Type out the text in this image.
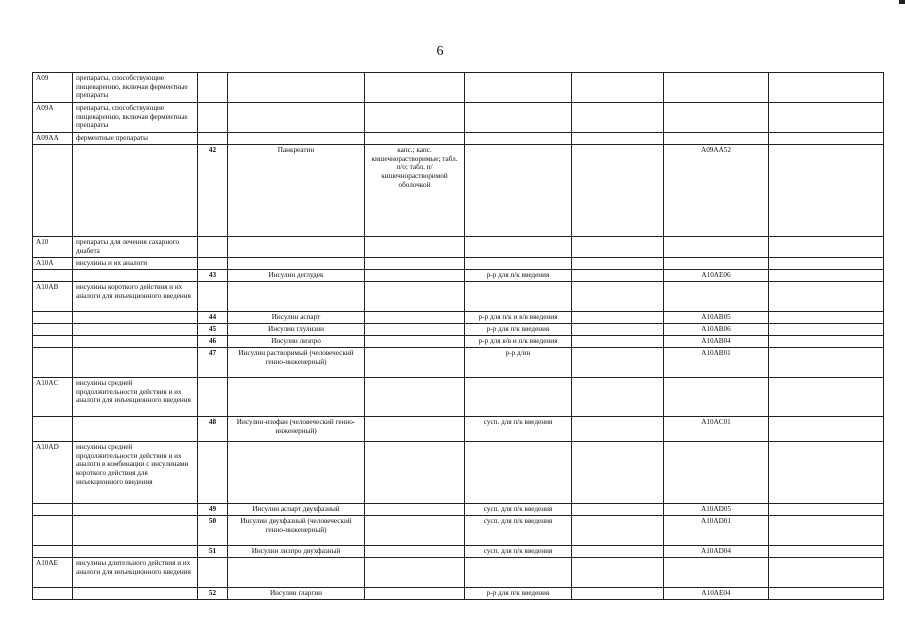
6
A09	препараты, способствующие пищеварению, включая ферментные препараты							
A09A	препараты, способствующие пищеварению, включая ферментные препараты							
A09AA	ферментные препараты							
		42	Панкреатин	капс.; капс. кишечнорастворимые; табл. п/о; табл. п/кишечнорастворимой оболочкой			A09AA52	
A10	препараты для лечения сахарного диабета							
A10A	инсулины и их аналоги							
		43	Инсулин деглудек		р-р для п/к введения		A10AE06	
A10AB	инсулины короткого действия и их аналоги для инъекционного введения							
		44	Инсулин аспарт		р-р для п/к и в/в введения		A10AB05	
		45	Инсулин глулизин		р-р для п/к введения		A10AB06	
		46	Инсулин лизпро		р-р для в/в и п/к введения		A10AB04	
		47	Инсулин растворимый (человеческий генно-инженерный)		р-р д/ин		A10AB01	
A10AC	инсулины средней продолжительности действия и их аналоги для инъекционного введения							
		48	Инсулин-изофан (человеческий генно-инженерный)		сусп. для п/к введения		A10AC01	
A10AD	инсулины средней продолжительности действия и их аналоги в комбинации с инсулинами короткого действия для инъекционного введения							
		49	Инсулин аспарт двухфазный		сусп. для п/к введения		A10AD05	
		50	Инсулин двухфазный (человеческий генно-инженерный)		сусп. для п/к введения		A10AD01	
		51	Инсулин лизпро двухфазный		сусп. для п/к введения		A10AD04	
A10AE	инсулины длительного действия и их аналоги для инъекционного введения							
		52	Инсулин гларгин		р-р для п/к введения		A10AE04	
